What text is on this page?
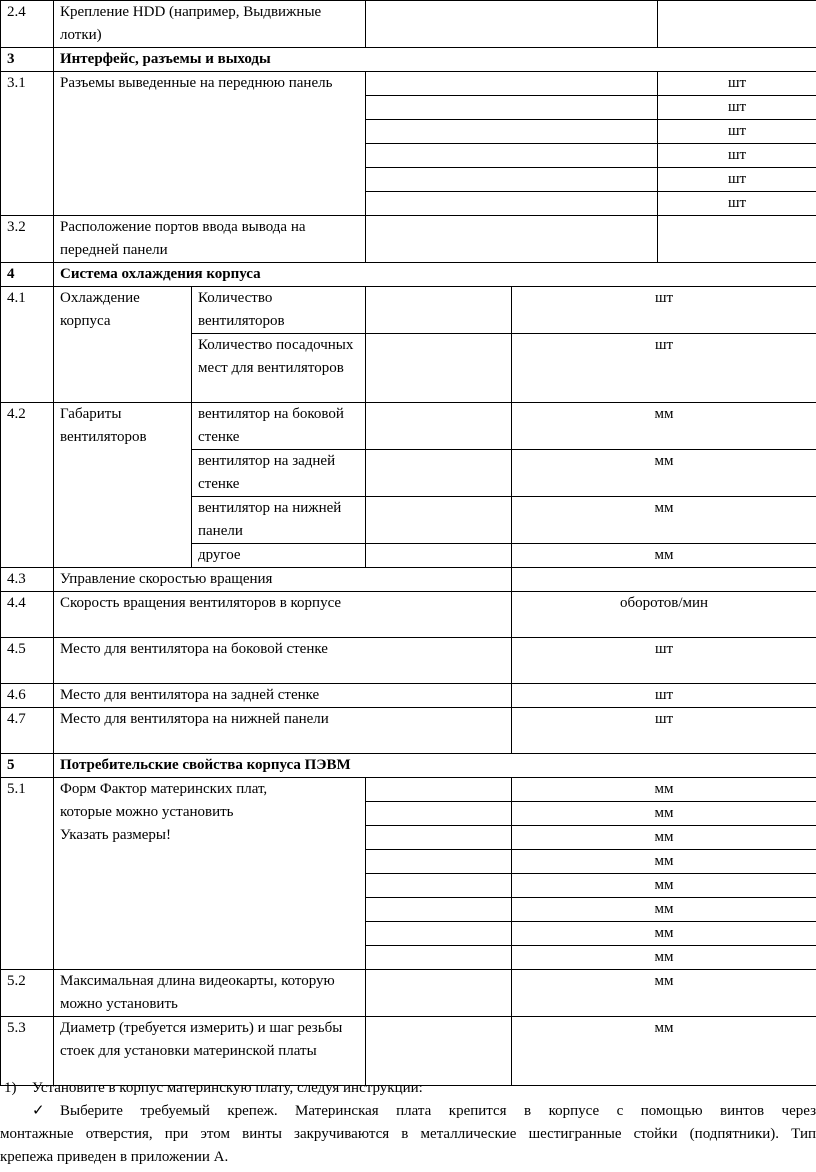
2.4	Крепление HDD (например, Выдвижные лотки)				
3	Интерфейс, разъемы и выходы				
3.1	Разъемы выведенные на переднюю панель				шт
					шт
					шт
					шт
					шт
					шт
3.2	Расположение портов ввода вывода на передней панели				
4	Система охлаждения корпуса				
4.1	Охлаждение корпуса	Количество вентиляторов		шт	
		Количество посадочных мест для вентиляторов		шт	
4.2	Габариты вентиляторов	вентилятор на боковой стенке		мм	
		вентилятор на задней стенке		мм	
		вентилятор на нижней панели		мм	
		другое		мм	
4.3	Управление скоростью вращения				
4.4	Скорость вращения вентиляторов в корпусе			оборотов/мин	
4.5	Место для вентилятора на боковой стенке			шт	
4.6	Место для вентилятора на задней стенке			шт	
4.7	Место для вентилятора на нижней панели			шт	
5	Потребительские свойства корпуса ПЭВМ				
5.1	Форм Фактор материнских плат,
которые можно установить
Указать размеры!			мм	
				мм	
				мм	
				мм	
				мм	
				мм	
				мм	
				мм	
5.2	Максимальная длина видеокарты, которую можно установить			мм	
5.3	Диаметр (требуется измерить) и шаг резьбы стоек для установки материнской платы			мм	

1) Установите в корпус материнскую плату, следуя инструкции:

✓ Выберите требуемый крепеж. Материнская плата крепится в корпусе с помощью винтов через

монтажные отверстия, при этом винты закручиваются в металлические шестигранные стойки (подпятники). Тип

крепежа приведен в приложении А.
